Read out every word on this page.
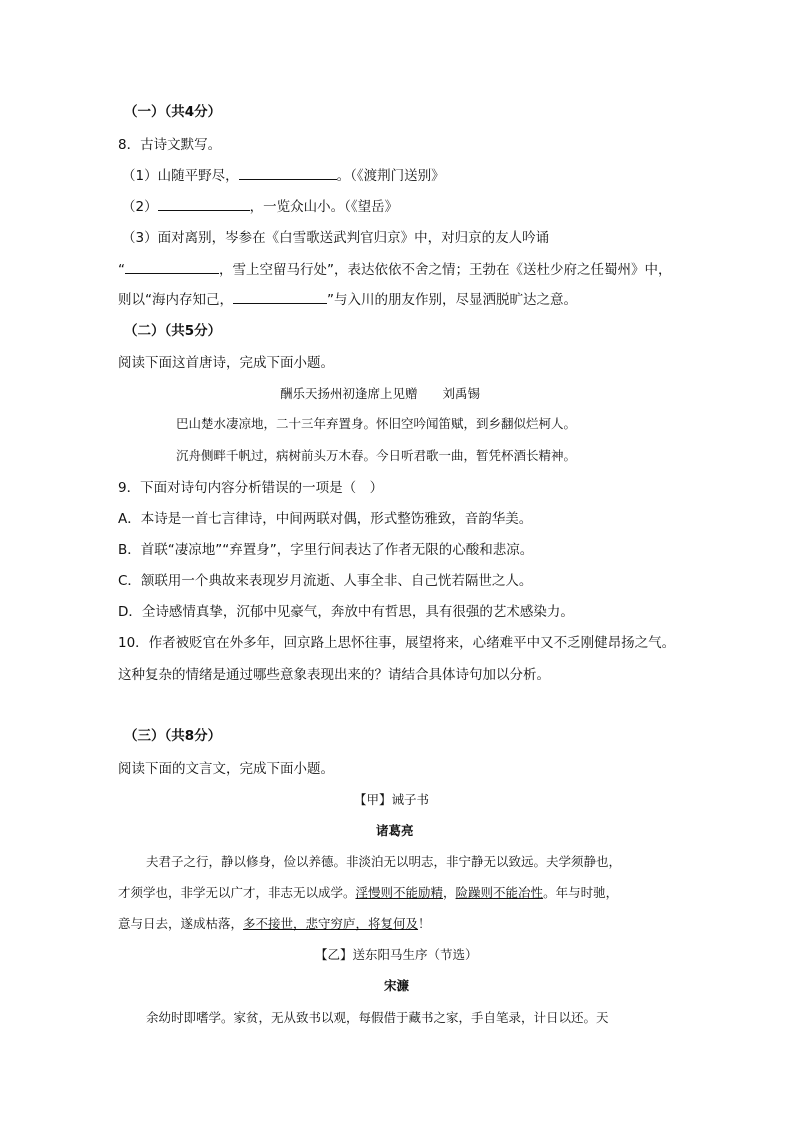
（一）（共4分）
8．古诗文默写。
（1）山随平野尽，	。（《渡荆门送别》
（2）	，一览众山小。（《望岳》
（3）面对离别，岑参在《白雪歌送武判官归京》中，对归京的友人吟诵
“	，雪上空留马行处”，表达依依不舍之情；王勃在《送杜少府之任蜀州》中，
则以“海内存知己，	”与入川的朋友作别，尽显洒脱旷达之意。
（二）（共5分）
阅读下面这首唐诗，完成下面小题。
酬乐天扬州初逢席上见赠　　刘禹锡
巴山楚水凄凉地，二十三年弃置身。怀旧空吟闻笛赋，到乡翻似烂柯人。
沉舟侧畔千帆过，病树前头万木春。今日听君歌一曲，暂凭杯酒长精神。
9．下面对诗句内容分析错误的一项是（　）
A．本诗是一首七言律诗，中间两联对偶，形式整饬雅致，音韵华美。
B．首联“凄凉地”“弃置身”，字里行间表达了作者无限的心酸和悲凉。
C．颔联用一个典故来表现岁月流逝、人事全非、自己恍若隔世之人。
D．全诗感情真挚，沉郁中见豪气，奔放中有哲思，具有很强的艺术感染力。
10．作者被贬官在外多年，回京路上思怀往事，展望将来，心绪难平中又不乏刚健昂扬之气。
这种复杂的情绪是通过哪些意象表现出来的？请结合具体诗句加以分析。
（三）（共8分）
阅读下面的文言文，完成下面小题。
【甲】诫子书
诸葛亮
夫君子之行，静以修身，俭以养德。非淡泊无以明志，非宁静无以致远。夫学须静也，
才须学也，非学无以广才，非志无以成学。淫慢则不能励精，险躁则不能冶性。年与时驰，
意与日去，遂成枯落，多不接世，悲守穷庐，将复何及！
【乙】送东阳马生序（节选）
宋濂
余幼时即嗜学。家贫，无从致书以观，每假借于藏书之家，手自笔录，计日以还。天
